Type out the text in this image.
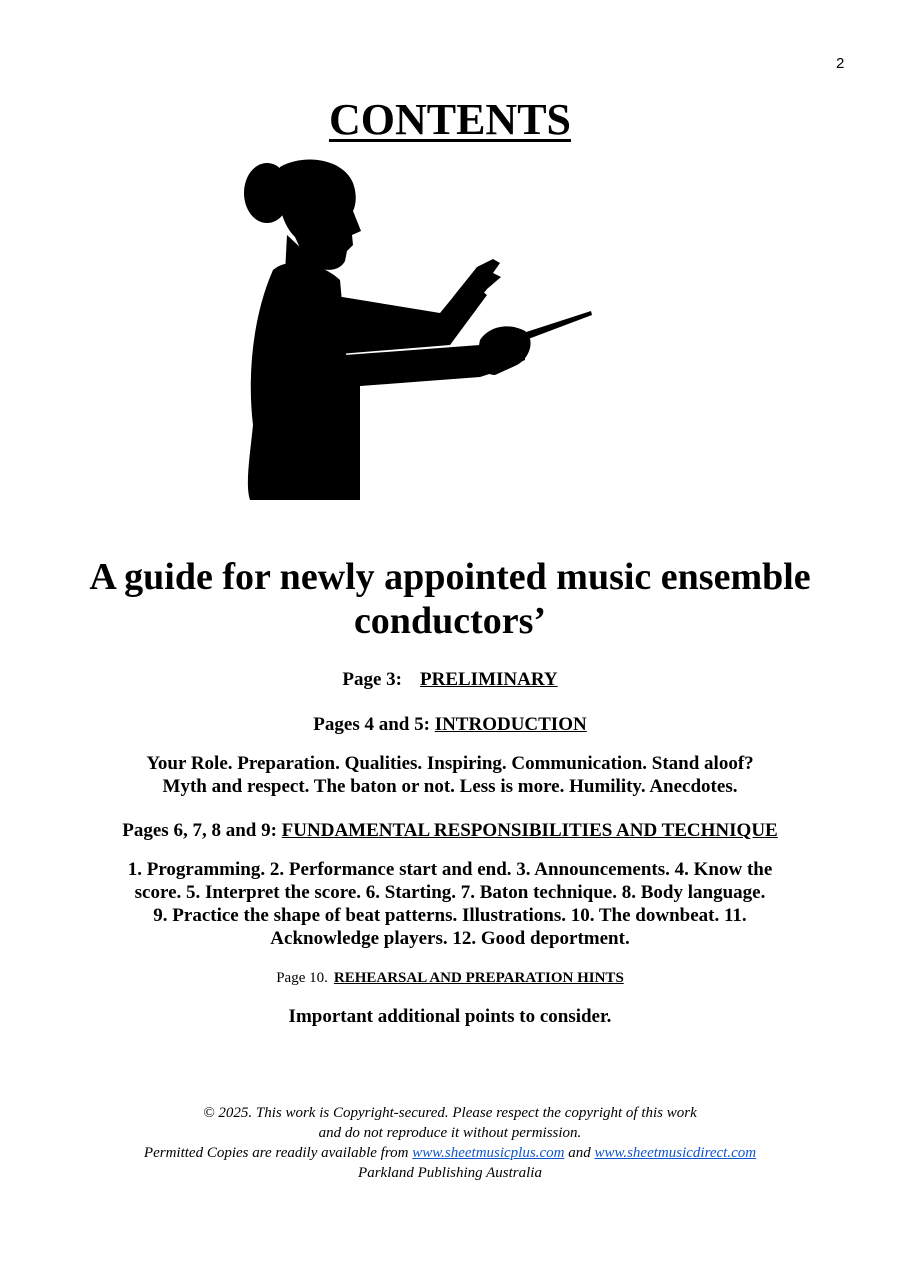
2
CONTENTS
A guide for newly appointed music ensemble
conductors’
Page 3: PRELIMINARY
Pages 4 and 5: INTRODUCTION
Your Role. Preparation. Qualities. Inspiring. Communication. Stand aloof?
Myth and respect. The baton or not. Less is more. Humility. Anecdotes.
Pages 6, 7, 8 and 9: FUNDAMENTAL RESPONSIBILITIES AND TECHNIQUE
1. Programming. 2. Performance start and end. 3. Announcements. 4. Know the
score. 5. Interpret the score. 6. Starting. 7. Baton technique. 8. Body language.
9. Practice the shape of beat patterns. Illustrations. 10. The downbeat. 11.
Acknowledge players. 12. Good deportment.
Page 10. REHEARSAL AND PREPARATION HINTS
Important additional points to consider.
© 2025. This work is Copyright-secured. Please respect the copyright of this work
and do not reproduce it without permission.
Permitted Copies are readily available from www.sheetmusicplus.com and www.sheetmusicdirect.com
Parkland Publishing Australia
